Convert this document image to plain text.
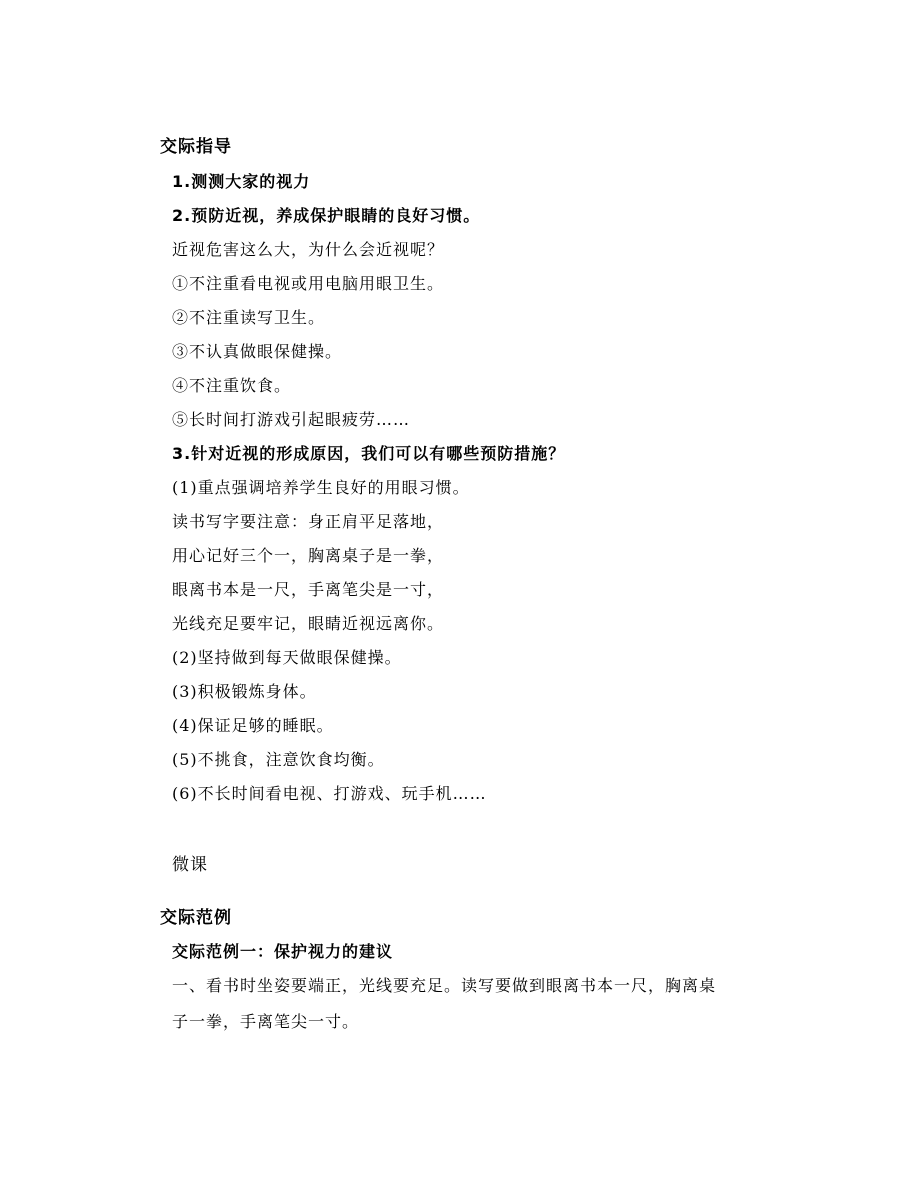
交际指导
1.测测大家的视力
2.预防近视，养成保护眼睛的良好习惯。
近视危害这么大，为什么会近视呢？
①不注重看电视或用电脑用眼卫生。
②不注重读写卫生。
③不认真做眼保健操。
④不注重饮食。
⑤长时间打游戏引起眼疲劳……
3.针对近视的形成原因，我们可以有哪些预防措施？
(1)重点强调培养学生良好的用眼习惯。
读书写字要注意：身正肩平足落地，
用心记好三个一，胸离桌子是一拳，
眼离书本是一尺，手离笔尖是一寸，
光线充足要牢记，眼睛近视远离你。
(2)坚持做到每天做眼保健操。
(3)积极锻炼身体。
(4)保证足够的睡眠。
(5)不挑食，注意饮食均衡。
(6)不长时间看电视、打游戏、玩手机……
微课
交际范例
交际范例一：保护视力的建议
一、看书时坐姿要端正，光线要充足。读写要做到眼离书本一尺，胸离桌
子一拳，手离笔尖一寸。
